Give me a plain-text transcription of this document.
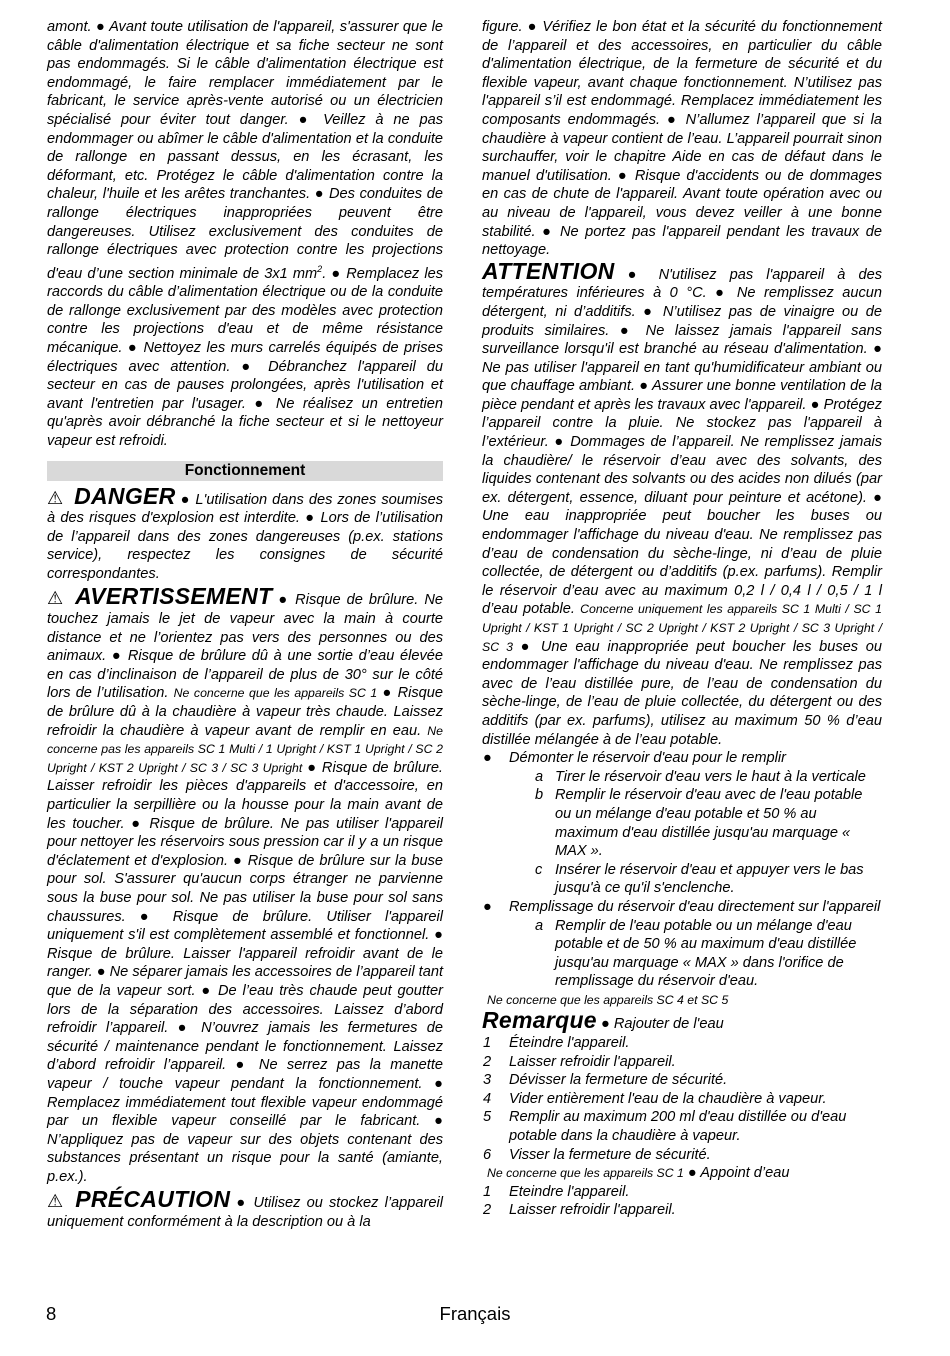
amont. ● Avant toute utilisation de l'appareil, s'assurer que le câble d'alimentation électrique et sa fiche secteur ne sont pas endommagés. Si le câble d'alimentation électrique est endommagé, le faire remplacer immédiatement par le fabricant, le service après-vente autorisé ou un électricien spécialisé pour éviter tout danger. ● Veillez à ne pas endommager ou abîmer le câble d'alimentation et la conduite de rallonge en passant dessus, en les écrasant, les déformant, etc. Protégez le câble d'alimentation contre la chaleur, l'huile et les arêtes tranchantes. ● Des conduites de rallonge électriques inappropriées peuvent être dangereuses. Utilisez exclusivement des conduites de rallonge électriques avec protection contre les projections d'eau d’une section minimale de 3x1 $mm^2$. ● Remplacez les raccords du câble d’alimentation électrique ou de la conduite de rallonge exclusivement par des modèles avec protection contre les projections d'eau et de même résistance mécanique. ● Nettoyez les murs carrelés équipés de prises électriques avec attention. ● Débranchez l'appareil du secteur en cas de pauses prolongées, après l'utilisation et avant l'entretien par l'usager. ● Ne réalisez un entretien qu'après avoir débranché la fiche secteur et si le nettoyeur vapeur est refroidi.

Fonctionnement

⚠ DANGER ● L'utilisation dans des zones soumises à des risques d'explosion est interdite. ● Lors de l’utilisation de l’appareil dans des zones dangereuses (p.ex. stations service), respectez les consignes de sécurité correspondantes.

⚠ AVERTISSEMENT ● Risque de brûlure. Ne touchez jamais le jet de vapeur avec la main à courte distance et ne l’orientez pas vers des personnes ou des animaux. ● Risque de brûlure dû à une sortie d’eau élevée en cas d’inclinaison de l’appareil de plus de 30° sur le côté lors de l’utilisation. Ne concerne que les appareils SC 1 ● Risque de brûlure dû à la chaudière à vapeur très chaude. Laissez refroidir la chaudière à vapeur avant de remplir en eau. Ne concerne pas les appareils SC 1 Multi / 1 Upright / KST 1 Upright / SC 2 Upright / KST 2 Upright / SC 3 / SC 3 Upright ● Risque de brûlure. Laisser refroidir les pièces d'appareils et d'accessoire, en particulier la serpillière ou la housse pour la main avant de les toucher. ● Risque de brûlure. Ne pas utiliser l'appareil pour nettoyer les réservoirs sous pression car il y a un risque d'éclatement et d'explosion. ● Risque de brûlure sur la buse pour sol. S'assurer qu'aucun corps étranger ne parvienne sous la buse pour sol. Ne pas utiliser la buse pour sol sans chaussures. ● Risque de brûlure. Utiliser l'appareil uniquement s'il est complètement assemblé et fonctionnel. ● Risque de brûlure. Laisser l'appareil refroidir avant de le ranger. ● Ne séparer jamais les accessoires de l’appareil tant que de la vapeur sort. ● De l’eau très chaude peut goutter lors de la séparation des accessoires. Laissez d’abord refroidir l’appareil. ● N’ouvrez jamais les fermetures de sécurité / maintenance pendant le fonctionnement. Laissez d’abord refroidir l’appareil. ● Ne serrez pas la manette vapeur / touche vapeur pendant la fonctionnement. ● Remplacez immédiatement tout flexible vapeur endommagé par un flexible vapeur conseillé par le fabricant. ● N’appliquez pas de vapeur sur des objets contenant des substances présentant un risque pour la santé (amiante, p.ex.).

⚠ PRÉCAUTION ● Utilisez ou stockez l’appareil uniquement conformément à la description ou à la

figure. ● Vérifiez le bon état et la sécurité du fonctionnement de l’appareil et des accessoires, en particulier du câble d'alimentation électrique, de la fermeture de sécurité et du flexible vapeur, avant chaque fonctionnement. N’utilisez pas l'appareil s’il est endommagé. Remplacez immédiatement les composants endommagés. ● N’allumez l’appareil que si la chaudière à vapeur contient de l’eau. L’appareil pourrait sinon surchauffer, voir le chapitre Aide en cas de défaut dans le manuel d'utilisation. ● Risque d'accidents ou de dommages en cas de chute de l'appareil. Avant toute opération avec ou au niveau de l'appareil, vous devez veiller à une bonne stabilité. ● Ne portez pas l'appareil pendant les travaux de nettoyage.

ATTENTION ● N'utilisez pas l'appareil à des températures inférieures à 0 °C. ● Ne remplissez aucun détergent, ni d’additifs. ● N’utilisez pas de vinaigre ou de produits similaires. ● Ne laissez jamais l'appareil sans surveillance lorsqu'il est branché au réseau d'alimentation. ● Ne pas utiliser l'appareil en tant qu'humidificateur ambiant ou que chauffage ambiant. ● Assurer une bonne ventilation de la pièce pendant et après les travaux avec l'appareil. ● Protégez l’appareil contre la pluie. Ne stockez pas l'appareil à l’extérieur. ● Dommages de l’appareil. Ne remplissez jamais la chaudière/ le réservoir d’eau avec des solvants, des liquides contenant des solvants ou des acides non dilués (par ex. détergent, essence, diluant pour peinture et acétone). ● Une eau inappropriée peut boucher les buses ou endommager l'affichage du niveau d'eau. Ne remplissez pas d’eau de condensation du sèche-linge, ni d’eau de pluie collectée, de détergent ou d’additifs (p.ex. parfums). Remplir le réservoir d’eau avec au maximum 0,2 l / 0,4 l / 0,5 / 1 l d’eau potable. Concerne uniquement les appareils SC 1 Multi / SC 1 Upright / KST 1 Upright / SC 2 Upright / KST 2 Upright / SC 3 Upright / SC 3 ● Une eau inappropriée peut boucher les buses ou endommager l'affichage du niveau d'eau. Ne remplissez pas avec de l’eau distillée pure, de l’eau de condensation du sèche-linge, de l’eau de pluie collectée, du détergent ou des additifs (par ex. parfums), utilisez au maximum 50 % d’eau distillée mélangée à de l’eau potable.

● Démonter le réservoir d'eau pour le remplir
a Tirer le réservoir d'eau vers le haut à la verticale
b Remplir le réservoir d'eau avec de l'eau potable ou un mélange d'eau potable et 50 % au maximum d'eau distillée jusqu'au marquage « MAX ».
c Insérer le réservoir d'eau et appuyer vers le bas jusqu'à ce qu'il s'enclenche.
● Remplissage du réservoir d'eau directement sur l'appareil
a Remplir de l'eau potable ou un mélange d'eau potable et de 50 % au maximum d'eau distillée jusqu'au marquage « MAX » dans l'orifice de remplissage du réservoir d'eau.

Ne concerne que les appareils SC 4 et SC 5

Remarque ● Rajouter de l'eau

1 Éteindre l'appareil.
2 Laisser refroidir l'appareil.
3 Dévisser la fermeture de sécurité.
4 Vider entièrement l'eau de la chaudière à vapeur.
5 Remplir au maximum 200 ml d'eau distillée ou d'eau potable dans la chaudière à vapeur.
6 Visser la fermeture de sécurité.

Ne concerne que les appareils SC 1 ● Appoint d’eau

1 Eteindre l'appareil.
2 Laisser refroidir l'appareil.
8	Français
